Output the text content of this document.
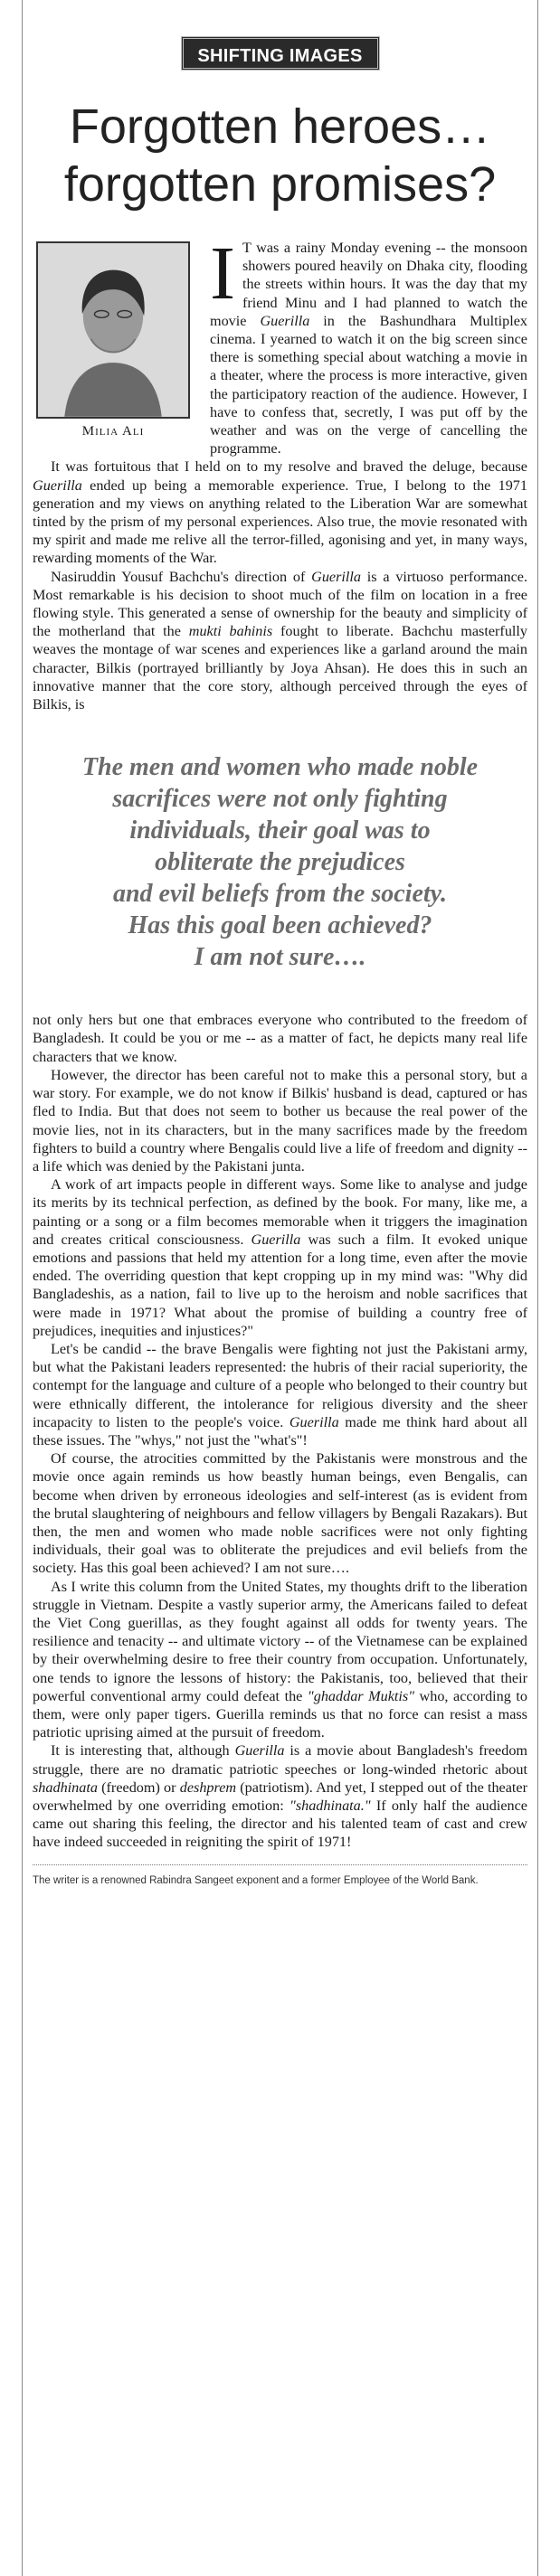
SHIFTING IMAGES
Forgotten heroes…
forgotten promises?
Milia Ali

I T was a rainy Monday evening -- the monsoon showers poured heavily on Dhaka city, flooding the streets within hours. It was the day that my friend Minu and I had planned to watch the movie Guerilla in the Bashundhara Multiplex cinema. I yearned to watch it on the big screen since there is something special about watching a movie in a theater, where the process is more interactive, given the participatory reaction of the audience. However, I have to confess that, secretly, I was put off by the weather and was on the verge of cancelling the programme.

It was fortuitous that I held on to my resolve and braved the deluge, because Guerilla ended up being a memorable experience. True, I belong to the 1971 generation and my views on anything related to the Liberation War are somewhat tinted by the prism of my personal experiences. Also true, the movie resonated with my spirit and made me relive all the terror-filled, agonising and yet, in many ways, rewarding moments of the War.

Nasiruddin Yousuf Bachchu's direction of Guerilla is a virtuoso performance. Most remarkable is his decision to shoot much of the film on location in a free flowing style. This generated a sense of ownership for the beauty and simplicity of the motherland that the mukti bahinis fought to liberate. Bachchu masterfully weaves the montage of war scenes and experiences like a garland around the main character, Bilkis (portrayed brilliantly by Joya Ahsan). He does this in such an innovative manner that the core story, although perceived through the eyes of Bilkis, is

The men and women who made noble
sacrifices were not only fighting
individuals, their goal was to
obliterate the prejudices
and evil beliefs from the society.
Has this goal been achieved?
I am not sure….

not only hers but one that embraces everyone who contributed to the freedom of Bangladesh. It could be you or me -- as a matter of fact, he depicts many real life characters that we know.

However, the director has been careful not to make this a personal story, but a war story. For example, we do not know if Bilkis' husband is dead, captured or has fled to India. But that does not seem to bother us because the real power of the movie lies, not in its characters, but in the many sacrifices made by the freedom fighters to build a country where Bengalis could live a life of freedom and dignity -- a life which was denied by the Pakistani junta.

A work of art impacts people in different ways. Some like to analyse and judge its merits by its technical perfection, as defined by the book. For many, like me, a painting or a song or a film becomes memorable when it triggers the imagination and creates critical consciousness. Guerilla was such a film. It evoked unique emotions and passions that held my attention for a long time, even after the movie ended. The overriding question that kept cropping up in my mind was: "Why did Bangladeshis, as a nation, fail to live up to the heroism and noble sacrifices that were made in 1971? What about the promise of building a country free of prejudices, inequities and injustices?"

Let's be candid -- the brave Bengalis were fighting not just the Pakistani army, but what the Pakistani leaders represented: the hubris of their racial superiority, the contempt for the language and culture of a people who belonged to their country but were ethnically different, the intolerance for religious diversity and the sheer incapacity to listen to the people's voice. Guerilla made me think hard about all these issues. The "whys," not just the "what's"!

Of course, the atrocities committed by the Pakistanis were monstrous and the movie once again reminds us how beastly human beings, even Bengalis, can become when driven by erroneous ideologies and self-interest (as is evident from the brutal slaughtering of neighbours and fellow villagers by Bengali Razakars). But then, the men and women who made noble sacrifices were not only fighting individuals, their goal was to obliterate the prejudices and evil beliefs from the society. Has this goal been achieved? I am not sure….

As I write this column from the United States, my thoughts drift to the liberation struggle in Vietnam. Despite a vastly superior army, the Americans failed to defeat the Viet Cong guerillas, as they fought against all odds for twenty years. The resilience and tenacity -- and ultimate victory -- of the Vietnamese can be explained by their overwhelming desire to free their country from occupation. Unfortunately, one tends to ignore the lessons of history: the Pakistanis, too, believed that their powerful conventional army could defeat the "ghaddar Muktis" who, according to them, were only paper tigers. Guerilla reminds us that no force can resist a mass patriotic uprising aimed at the pursuit of freedom.

It is interesting that, although Guerilla is a movie about Bangladesh's freedom struggle, there are no dramatic patriotic speeches or long-winded rhetoric about shadhinata (freedom) or deshprem (patriotism). And yet, I stepped out of the theater overwhelmed by one overriding emotion: "shadhinata." If only half the audience came out sharing this feeling, the director and his talented team of cast and crew have indeed succeeded in reigniting the spirit of 1971!

The writer is a renowned Rabindra Sangeet exponent and a former Employee of the World Bank.
